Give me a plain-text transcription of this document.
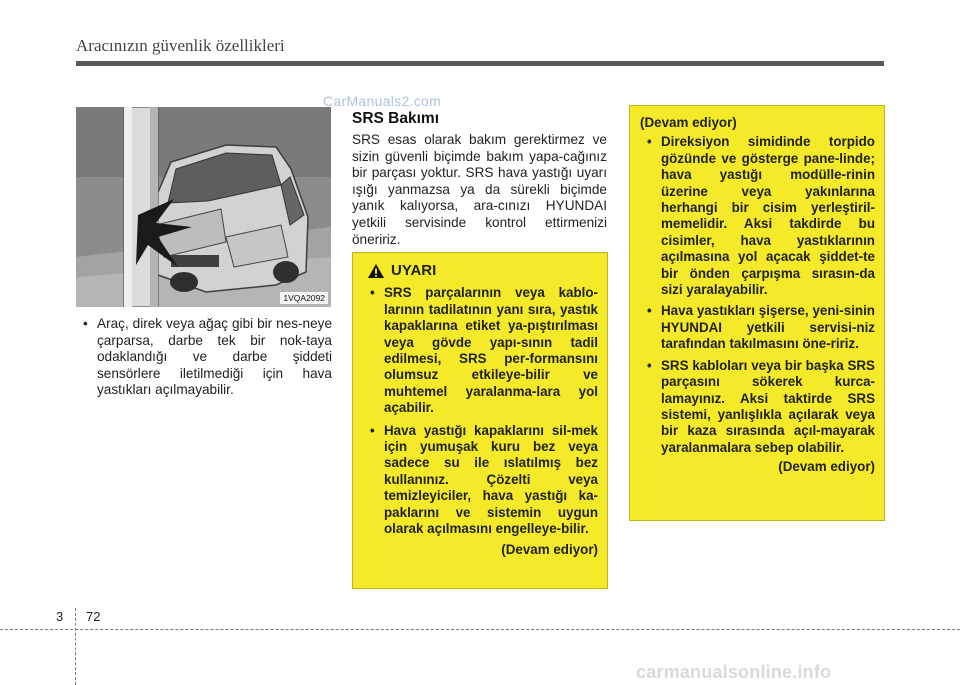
Aracınızın güvenlik özellikleri
1VQA2092
• Araç, direk veya ağaç gibi bir nes-neye çarparsa, darbe tek bir nok-taya odaklandığı ve darbe şiddeti sensörlere iletilmediği için hava yastıkları açılmayabilir.
CarManuals2.com
SRS Bakımı
SRS esas olarak bakım gerektirmez ve sizin güvenli biçimde bakım yapa-cağınız bir parçası yoktur. SRS hava yastığı uyarı ışığı yanmazsa ya da sürekli biçimde yanık kalıyorsa, ara-cınızı HYUNDAI yetkili servisinde kontrol ettirmenizi öneririz.
UYARI
• SRS parçalarının veya kablo-larının tadilatının yanı sıra, yastık kapaklarına etiket ya-pıştırılması veya gövde yapı-sının tadil edilmesi, SRS per-formansını olumsuz etkileye-bilir ve muhtemel yaralanma-lara yol açabilir.
• Hava yastığı kapaklarını sil-mek için yumuşak kuru bez veya sadece su ile ıslatılmış bez kullanınız. Çözelti veya temizleyiciler, hava yastığı ka-paklarını ve sistemin uygun olarak açılmasını engelleye-bilir.
(Devam ediyor)
(Devam ediyor)
• Direksiyon simidinde torpido gözünde ve gösterge pane-linde; hava yastığı modülle-rinin üzerine veya yakınlarına herhangi bir cisim yerleştiril-memelidir. Aksi takdirde bu cisimler, hava yastıklarının açılmasına yol açacak şiddet-te bir önden çarpışma sırasın-da sizi yaralayabilir.
• Hava yastıkları şişerse, yeni-sinin HYUNDAI yetkili servisi-niz tarafından takılmasını öne-ririz.
• SRS kabloları veya bir başka SRS parçasını sökerek kurca-lamayınız. Aksi taktirde SRS sistemi, yanlışlıkla açılarak veya bir kaza sırasında açıl-mayarak yaralanmalara sebep olabilir.
(Devam ediyor)
3 72
carmanualsonline.info
